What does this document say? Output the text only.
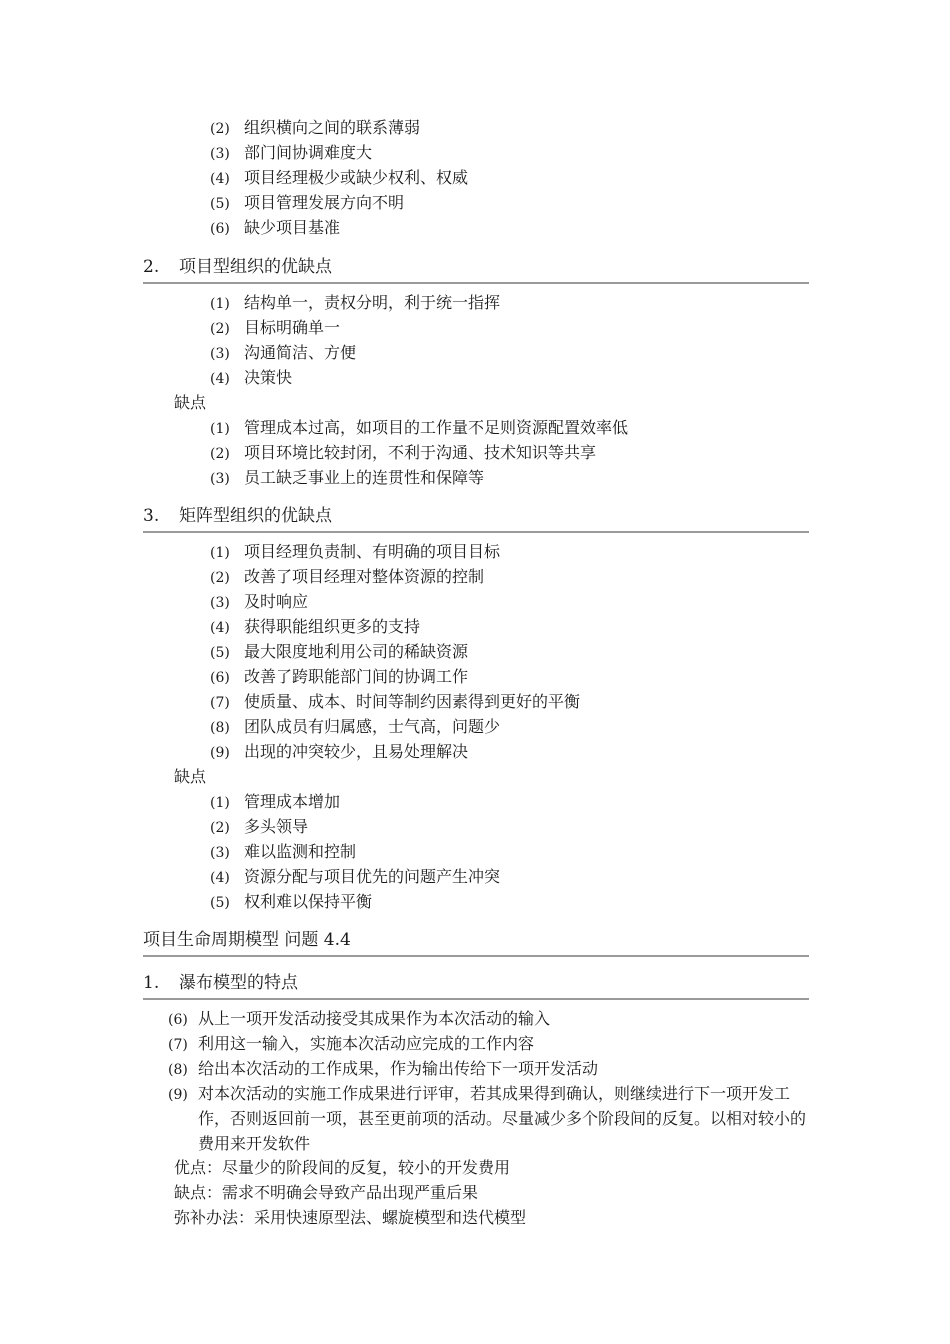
(2) 组织横向之间的联系薄弱
(3) 部门间协调难度大
(4) 项目经理极少或缺少权利、权威
(5) 项目管理发展方向不明
(6) 缺少项目基准
2. 项目型组织的优缺点
(1) 结构单一，责权分明，利于统一指挥
(2) 目标明确单一
(3) 沟通简洁、方便
(4) 决策快
缺点
(1) 管理成本过高，如项目的工作量不足则资源配置效率低
(2) 项目环境比较封闭，不利于沟通、技术知识等共享
(3) 员工缺乏事业上的连贯性和保障等
3. 矩阵型组织的优缺点
(1) 项目经理负责制、有明确的项目目标
(2) 改善了项目经理对整体资源的控制
(3) 及时响应
(4) 获得职能组织更多的支持
(5) 最大限度地利用公司的稀缺资源
(6) 改善了跨职能部门间的协调工作
(7) 使质量、成本、时间等制约因素得到更好的平衡
(8) 团队成员有归属感，士气高，问题少
(9) 出现的冲突较少，且易处理解决
缺点
(1) 管理成本增加
(2) 多头领导
(3) 难以监测和控制
(4) 资源分配与项目优先的问题产生冲突
(5) 权利难以保持平衡
项目生命周期模型 问题 4.4
1. 瀑布模型的特点
(6) 从上一项开发活动接受其成果作为本次活动的输入
(7) 利用这一输入，实施本次活动应完成的工作内容
(8) 给出本次活动的工作成果，作为输出传给下一项开发活动
(9) 对本次活动的实施工作成果进行评审，若其成果得到确认，则继续进行下一项开发工作，否则返回前一项，甚至更前项的活动。尽量减少多个阶段间的反复。以相对较小的费用来开发软件
优点：尽量少的阶段间的反复，较小的开发费用
缺点：需求不明确会导致产品出现严重后果
弥补办法：采用快速原型法、螺旋模型和迭代模型
